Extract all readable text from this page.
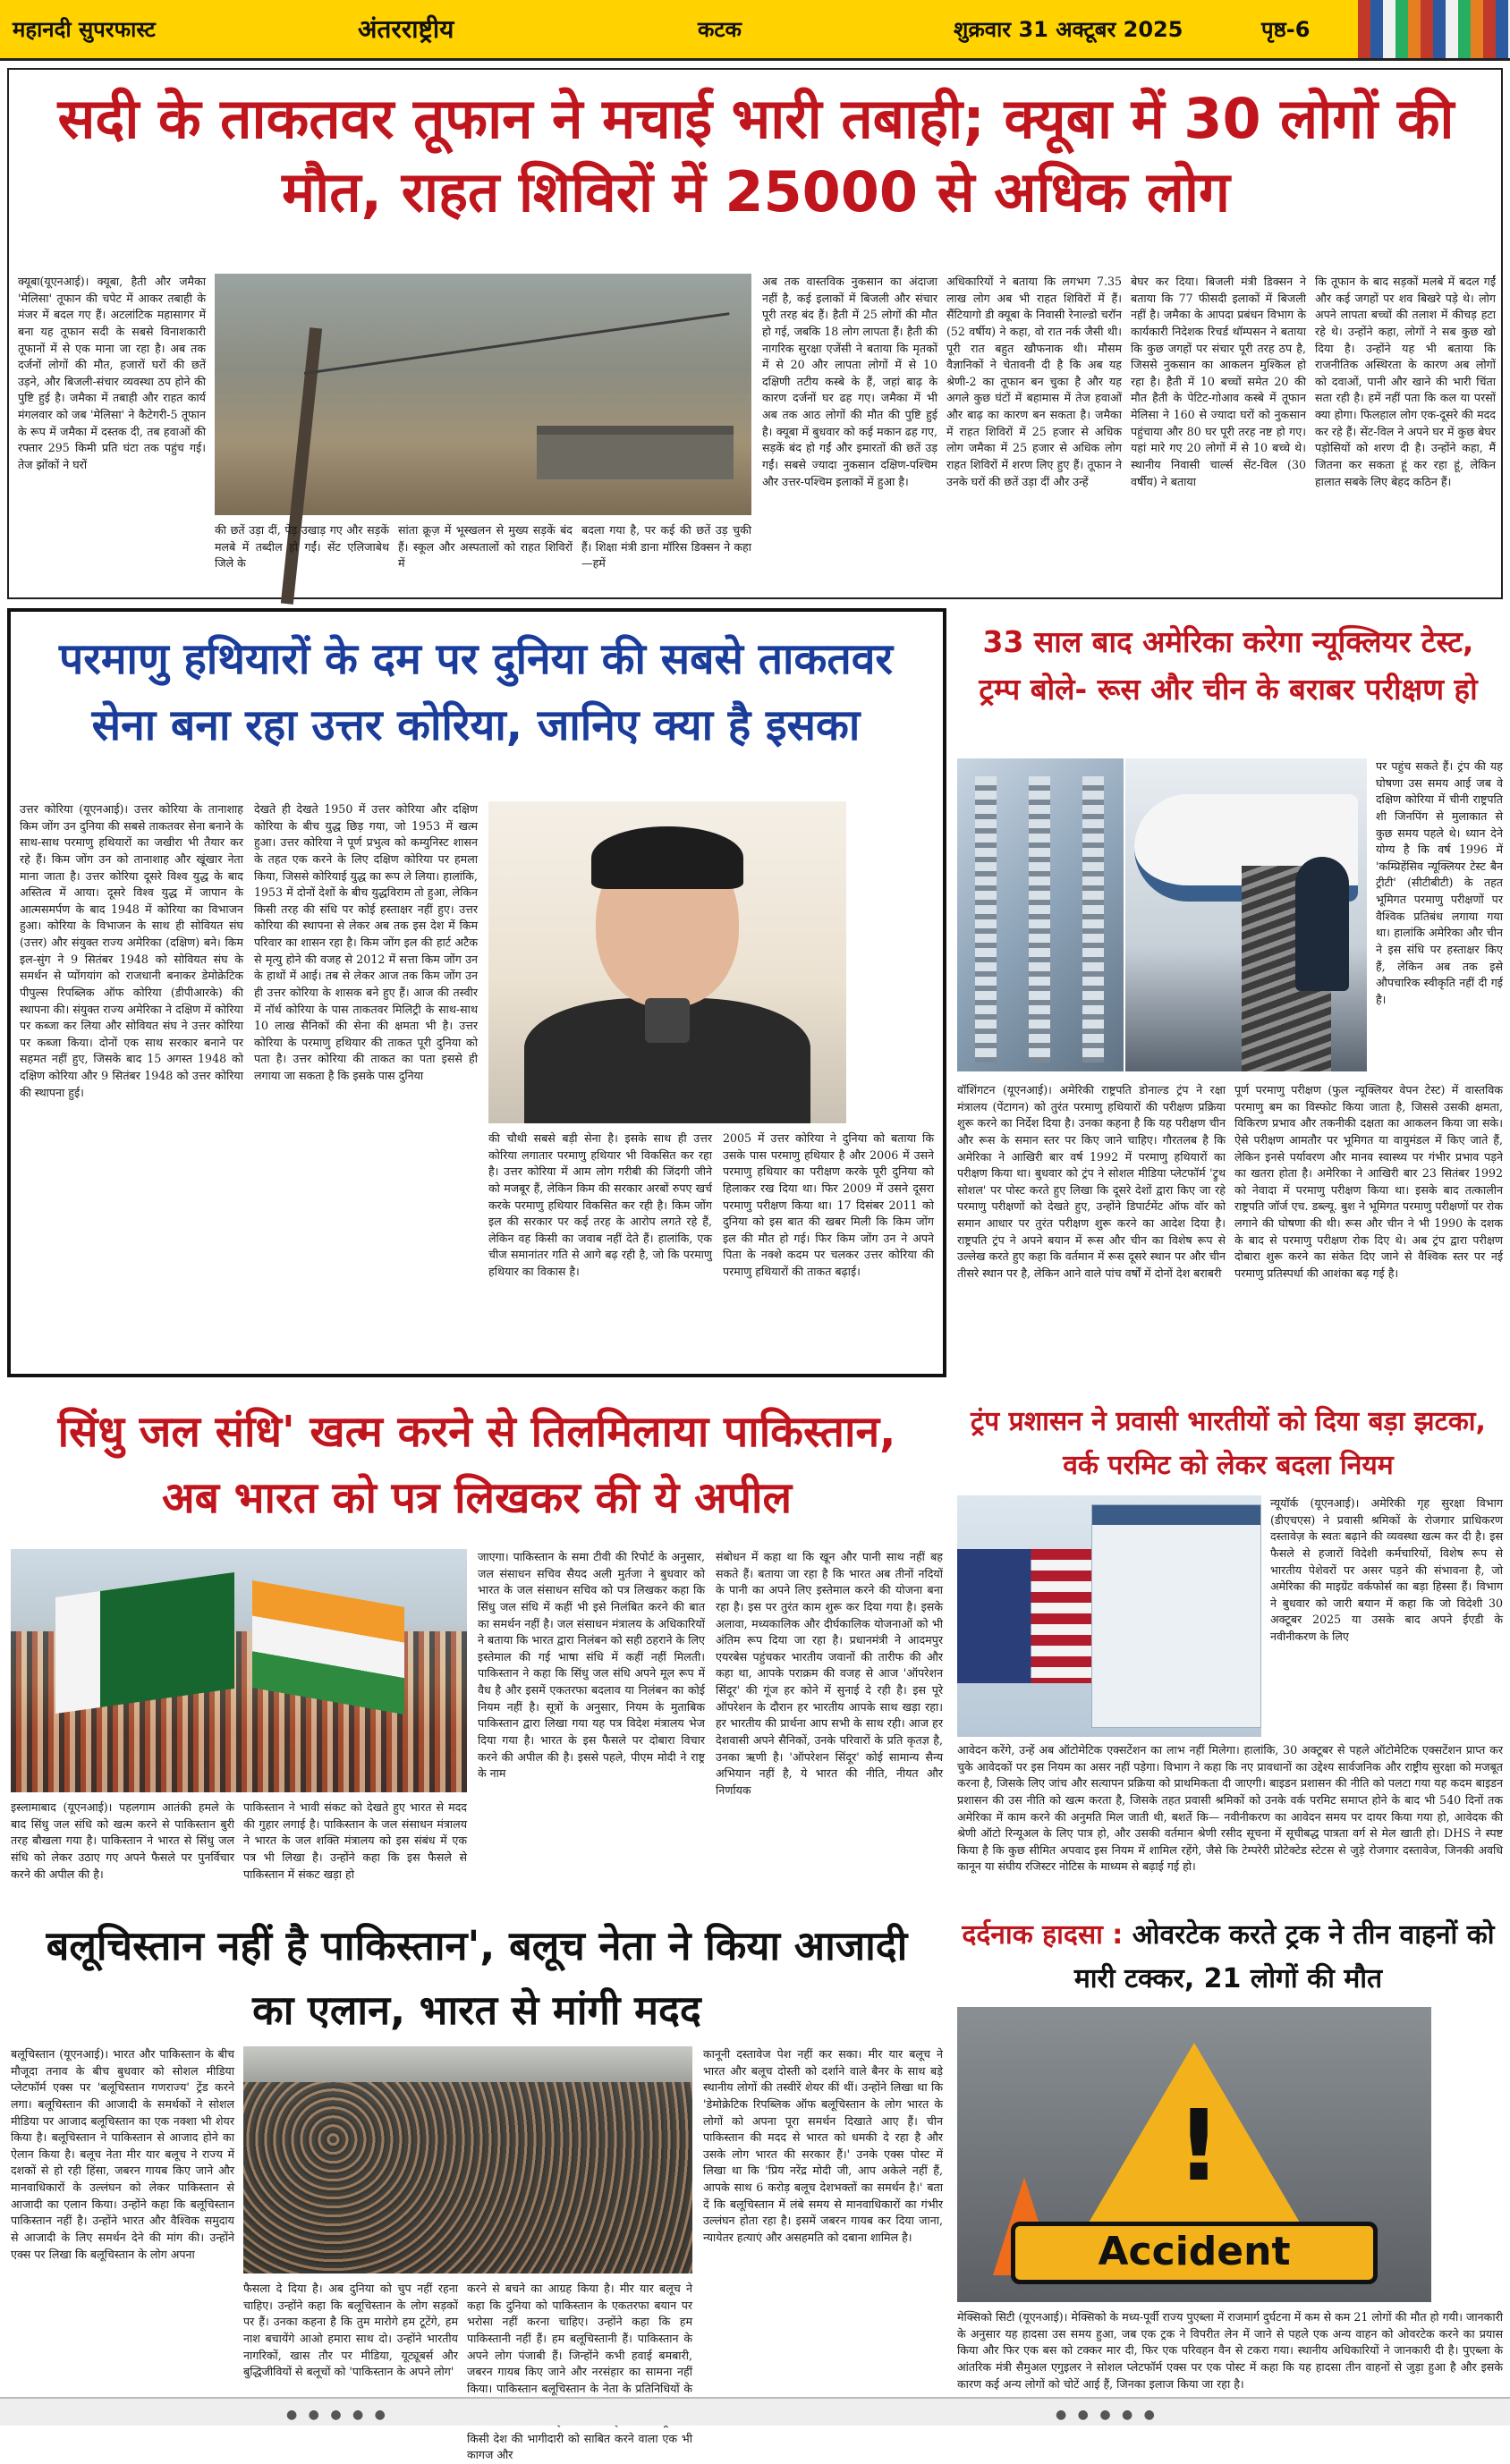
महानदी सुपरफास्ट	अंतरराष्ट्रीय	कटक	शुक्रवार 31 अक्टूबर 2025	पृष्ठ-6
सदी के ताकतवर तूफान ने मचाई भारी तबाही; क्यूबा में 30 लोगों की
मौत, राहत शिविरों में 25000 से अधिक लोग
क्यूबा(यूएनआई)। क्यूबा, हैती और जमैका 'मेलिसा' तूफान की चपेट में आकर तबाही के मंजर में बदल गए हैं। अटलांटिक महासागर में बना यह तूफान सदी के सबसे विनाशकारी तूफानों में से एक माना जा रहा है। अब तक दर्जनों लोगों की मौत, हजारों घरों की छतें उड़ने, और बिजली-संचार व्यवस्था ठप होने की पुष्टि हुई है। जमैका में तबाही और राहत कार्य मंगलवार को जब 'मेलिसा' ने कैटेगरी-5 तूफान के रूप में जमैका में दस्तक दी, तब हवाओं की रफ्तार 295 किमी प्रति घंटा तक पहुंच गई। तेज झोंकों ने घरों
की छतें उड़ा दीं, पेड़ उखाड़ गए और सड़कें मलबे में तब्दील हो गईं। सेंट एलिजाबेथ जिले के
सांता क्रूज़ में भूस्खलन से मुख्य सड़कें बंद हैं। स्कूल और अस्पतालों को राहत शिविरों में
बदला गया है, पर कई की छतें उड़ चुकी हैं। शिक्षा मंत्री डाना मॉरिस डिक्सन ने कहा—हमें
अब तक वास्तविक नुकसान का अंदाजा नहीं है, कई इलाकों में बिजली और संचार पूरी तरह बंद हैं। हैती में 25 लोगों की मौत हो गई, जबकि 18 लोग लापता हैं। हैती की नागरिक सुरक्षा एजेंसी ने बताया कि मृतकों में से 20 और लापता लोगों में से 10 दक्षिणी तटीय कस्बे के हैं, जहां बाढ़ के कारण दर्जनों घर ढह गए। जमैका में भी अब तक आठ लोगों की मौत की पुष्टि हुई है। क्यूबा में बुधवार को कई मकान ढह गए, सड़कें बंद हो गईं और इमारतों की छतें उड़ गईं। सबसे ज्यादा नुकसान दक्षिण-पश्चिम और उत्तर-पश्चिम इलाकों में हुआ है।
अधिकारियों ने बताया कि लगभग 7.35 लाख लोग अब भी राहत शिविरों में हैं। सैंटियागो डी क्यूबा के निवासी रेनाल्डो चरॉन (52 वर्षीय) ने कहा, वो रात नर्क जैसी थी। पूरी रात बहुत खौफनाक थी। मौसम वैज्ञानिकों ने चेतावनी दी है कि अब यह श्रेणी-2 का तूफान बन चुका है और यह अगले कुछ घंटों में बहामास में तेज हवाओं और बाढ़ का कारण बन सकता है। जमैका में राहत शिविरों में 25 हजार से अधिक लोग जमैका में 25 हजार से अधिक लोग राहत शिविरों में शरण लिए हुए हैं। तूफान ने उनके घरों की छतें उड़ा दीं और उन्हें
बेघर कर दिया। बिजली मंत्री डिक्सन ने बताया कि 77 फीसदी इलाकों में बिजली नहीं है। जमैका के आपदा प्रबंधन विभाग के कार्यकारी निदेशक रिचर्ड थॉम्पसन ने बताया कि कुछ जगहों पर संचार पूरी तरह ठप है, जिससे नुकसान का आकलन मुश्किल हो रहा है। हैती में 10 बच्चों समेत 20 की मौत हैती के पेटिट-गोआव कस्बे में तूफान मेलिसा ने 160 से ज्यादा घरों को नुकसान पहुंचाया और 80 घर पूरी तरह नष्ट हो गए। यहां मारे गए 20 लोगों में से 10 बच्चे थे। स्थानीय निवासी चार्ल्स सेंट-विल (30 वर्षीय) ने बताया
कि तूफान के बाद सड़कों मलबे में बदल गईं और कई जगहों पर शव बिखरे पड़े थे। लोग अपने लापता बच्चों की तलाश में कीचड़ हटा रहे थे। उन्होंने कहा, लोगों ने सब कुछ खो दिया है। उन्होंने यह भी बताया कि राजनीतिक अस्थिरता के कारण अब लोगों को दवाओं, पानी और खाने की भारी चिंता सता रही है। हमें नहीं पता कि कल या परसों क्या होगा। फिलहाल लोग एक-दूसरे की मदद कर रहे हैं। सेंट-विल ने अपने घर में कुछ बेघर पड़ोसियों को शरण दी है। उन्होंने कहा, मैं जितना कर सकता हूं कर रहा हूं, लेकिन हालात सबके लिए बेहद कठिन हैं।
परमाणु हथियारों के दम पर दुनिया की सबसे ताकतवर
सेना बना रहा उत्तर कोरिया, जानिए क्या है इसका
उत्तर कोरिया (यूएनआई)। उत्तर कोरिया के तानाशाह किम जोंग उन दुनिया की सबसे ताकतवर सेना बनाने के साथ-साथ परमाणु हथियारों का जखीरा भी तैयार कर रहे हैं। किम जोंग उन को तानाशाह और खूंखार नेता माना जाता है। उत्तर कोरिया दूसरे विश्व युद्ध के बाद अस्तित्व में आया। दूसरे विश्व युद्ध में जापान के आत्मसमर्पण के बाद 1948 में कोरिया का विभाजन हुआ। कोरिया के विभाजन के साथ ही सोवियत संघ (उत्तर) और संयुक्त राज्य अमेरिका (दक्षिण) बने। किम इल-सुंग ने 9 सितंबर 1948 को सोवियत संघ के समर्थन से प्योंगयांग को राजधानी बनाकर डेमोक्रेटिक पीपुल्स रिपब्लिक ऑफ कोरिया (डीपीआरके) की स्थापना की। संयुक्त राज्य अमेरिका ने दक्षिण में कोरिया पर कब्जा कर लिया और सोवियत संघ ने उत्तर कोरिया पर कब्जा किया। दोनों एक साथ सरकार बनाने पर सहमत नहीं हुए, जिसके बाद 15 अगस्त 1948 को दक्षिण कोरिया और 9 सितंबर 1948 को उत्तर कोरिया की स्थापना हुई।
देखते ही देखते 1950 में उत्तर कोरिया और दक्षिण कोरिया के बीच युद्ध छिड़ गया, जो 1953 में खत्म हुआ। उत्तर कोरिया ने पूर्ण प्रभुत्व को कम्युनिस्ट शासन के तहत एक करने के लिए दक्षिण कोरिया पर हमला किया, जिससे कोरियाई युद्ध का रूप ले लिया। हालांकि, 1953 में दोनों देशों के बीच युद्धविराम तो हुआ, लेकिन किसी तरह की संधि पर कोई हस्ताक्षर नहीं हुए। उत्तर कोरिया की स्थापना से लेकर अब तक इस देश में किम परिवार का शासन रहा है। किम जोंग इल की हार्ट अटैक से मृत्यु होने की वजह से 2012 में सत्ता किम जोंग उन के हाथों में आई। तब से लेकर आज तक किम जोंग उन ही उत्तर कोरिया के शासक बने हुए हैं। आज की तस्वीर में नॉर्थ कोरिया के पास ताकतवर मिलिट्री के साथ-साथ 10 लाख सैनिकों की सेना की क्षमता भी है। उत्तर कोरिया के परमाणु हथियार की ताकत पूरी दुनिया को पता है। उत्तर कोरिया की ताकत का पता इससे ही लगाया जा सकता है कि इसके पास दुनिया
की चौथी सबसे बड़ी सेना है। इसके साथ ही उत्तर कोरिया लगातार परमाणु हथियार भी विकसित कर रहा है। उत्तर कोरिया में आम लोग गरीबी की जिंदगी जीने को मजबूर हैं, लेकिन किम की सरकार अरबों रुपए खर्च करके परमाणु हथियार विकसित कर रही है। किम जोंग इल की सरकार पर कई तरह के आरोप लगते रहे हैं, लेकिन वह किसी का जवाब नहीं देते हैं। हालांकि, एक चीज समानांतर गति से आगे बढ़ रही है, जो कि परमाणु हथियार का विकास है।
2005 में उत्तर कोरिया ने दुनिया को बताया कि उसके पास परमाणु हथियार है और 2006 में उसने परमाणु हथियार का परीक्षण करके पूरी दुनिया को हिलाकर रख दिया था। फिर 2009 में उसने दूसरा परमाणु परीक्षण किया था। 17 दिसंबर 2011 को दुनिया को इस बात की खबर मिली कि किम जोंग इल की मौत हो गई। फिर किम जोंग उन ने अपने पिता के नक्शे कदम पर चलकर उत्तर कोरिया की परमाणु हथियारों की ताकत बढ़ाई।
33 साल बाद अमेरिका करेगा न्यूक्लियर टेस्ट,
ट्रम्प बोले- रूस और चीन के बराबर परीक्षण हो
पर पहुंच सकते हैं। ट्रंप की यह घोषणा उस समय आई जब वे दक्षिण कोरिया में चीनी राष्ट्रपति शी जिनपिंग से मुलाकात से कुछ समय पहले थे। ध्यान देने योग्य है कि वर्ष 1996 में 'कम्प्रिहेंसिव न्यूक्लियर टेस्ट बैन ट्रीटी' (सीटीबीटी) के तहत भूमिगत परमाणु परीक्षणों पर वैश्विक प्रतिबंध लगाया गया था। हालांकि अमेरिका और चीन ने इस संधि पर हस्ताक्षर किए हैं, लेकिन अब तक इसे औपचारिक स्वीकृति नहीं दी गई है।
वॉशिंगटन (यूएनआई)। अमेरिकी राष्ट्रपति डोनाल्ड ट्रंप ने रक्षा मंत्रालय (पेंटागन) को तुरंत परमाणु हथियारों की परीक्षण प्रक्रिया शुरू करने का निर्देश दिया है। उनका कहना है कि यह परीक्षण चीन और रूस के समान स्तर पर किए जाने चाहिए। गौरतलब है कि अमेरिका ने आखिरी बार वर्ष 1992 में परमाणु हथियारों का परीक्षण किया था। बुधवार को ट्रंप ने सोशल मीडिया प्लेटफॉर्म 'ट्रुथ सोशल' पर पोस्ट करते हुए लिखा कि दूसरे देशों द्वारा किए जा रहे परमाणु परीक्षणों को देखते हुए, उन्होंने डिपार्टमेंट ऑफ वॉर को समान आधार पर तुरंत परीक्षण शुरू करने का आदेश दिया है। राष्ट्रपति ट्रंप ने अपने बयान में रूस और चीन का विशेष रूप से उल्लेख करते हुए कहा कि वर्तमान में रूस दूसरे स्थान पर और चीन तीसरे स्थान पर है, लेकिन आने वाले पांच वर्षों में दोनों देश बराबरी
पूर्ण परमाणु परीक्षण (फुल न्यूक्लियर वेपन टेस्ट) में वास्तविक परमाणु बम का विस्फोट किया जाता है, जिससे उसकी क्षमता, विकिरण प्रभाव और तकनीकी दक्षता का आकलन किया जा सके। ऐसे परीक्षण आमतौर पर भूमिगत या वायुमंडल में किए जाते हैं, लेकिन इनसे पर्यावरण और मानव स्वास्थ्य पर गंभीर प्रभाव पड़ने का खतरा होता है। अमेरिका ने आखिरी बार 23 सितंबर 1992 को नेवादा में परमाणु परीक्षण किया था। इसके बाद तत्कालीन राष्ट्रपति जॉर्ज एच. डब्ल्यू. बुश ने भूमिगत परमाणु परीक्षणों पर रोक लगाने की घोषणा की थी। रूस और चीन ने भी 1990 के दशक के बाद से परमाणु परीक्षण रोक दिए थे। अब ट्रंप द्वारा परीक्षण दोबारा शुरू करने का संकेत दिए जाने से वैश्विक स्तर पर नई परमाणु प्रतिस्पर्धा की आशंका बढ़ गई है।
सिंधु जल संधि' खत्म करने से तिलमिलाया पाकिस्तान,
अब भारत को पत्र लिखकर की ये अपील
इस्लामाबाद (यूएनआई)। पहलगाम आतंकी हमले के बाद सिंधु जल संधि को खत्म करने से पाकिस्तान बुरी तरह बौखला गया है। पाकिस्तान ने भारत से सिंधु जल संधि को लेकर उठाए गए अपने फैसले पर पुनर्विचार करने की अपील की है।
पाकिस्तान ने भावी संकट को देखते हुए भारत से मदद की गुहार लगाई है। पाकिस्तान के जल संसाधन मंत्रालय ने भारत के जल शक्ति मंत्रालय को इस संबंध में एक पत्र भी लिखा है। उन्होंने कहा कि इस फैसले से पाकिस्तान में संकट खड़ा हो
जाएगा। पाकिस्तान के समा टीवी की रिपोर्ट के अनुसार, जल संसाधन सचिव सैयद अली मुर्तजा ने बुधवार को भारत के जल संसाधन सचिव को पत्र लिखकर कहा कि सिंधु जल संधि में कहीं भी इसे निलंबित करने की बात का समर्थन नहीं है। जल संसाधन मंत्रालय के अधिकारियों ने बताया कि भारत द्वारा निलंबन को सही ठहराने के लिए इस्तेमाल की गई भाषा संधि में कहीं नहीं मिलती। पाकिस्तान ने कहा कि सिंधु जल संधि अपने मूल रूप में वैध है और इसमें एकतरफा बदलाव या निलंबन का कोई नियम नहीं है। सूत्रों के अनुसार, नियम के मुताबिक पाकिस्तान द्वारा लिखा गया यह पत्र विदेश मंत्रालय भेज दिया गया है। भारत के इस फैसले पर दोबारा विचार करने की अपील की है। इससे पहले, पीएम मोदी ने राष्ट्र के नाम
संबोधन में कहा था कि खून और पानी साथ नहीं बह सकते हैं। बताया जा रहा है कि भारत अब तीनों नदियों के पानी का अपने लिए इस्तेमाल करने की योजना बना रहा है। इस पर तुरंत काम शुरू कर दिया गया है। इसके अलावा, मध्यकालिक और दीर्घकालिक योजनाओं को भी अंतिम रूप दिया जा रहा है। प्रधानमंत्री ने आदमपुर एयरबेस पहुंचकर भारतीय जवानों की तारीफ की और कहा था, आपके पराक्रम की वजह से आज 'ऑपरेशन सिंदूर' की गूंज हर कोने में सुनाई दे रही है। इस पूरे ऑपरेशन के दौरान हर भारतीय आपके साथ खड़ा रहा। हर भारतीय की प्रार्थना आप सभी के साथ रही। आज हर देशवासी अपने सैनिकों, उनके परिवारों के प्रति कृतज्ञ है, उनका ऋणी है। 'ऑपरेशन सिंदूर' कोई सामान्य सैन्य अभियान नहीं है, ये भारत की नीति, नीयत और निर्णायक
ट्रंप प्रशासन ने प्रवासी भारतीयों को दिया बड़ा झटका,
वर्क परमिट को लेकर बदला नियम
न्यूयॉर्क (यूएनआई)। अमेरिकी गृह सुरक्षा विभाग (डीएचएस) ने प्रवासी श्रमिकों के रोजगार प्राधिकरण दस्तावेज़ के स्वतः बढ़ाने की व्यवस्था खत्म कर दी है। इस फैसले से हजारों विदेशी कर्मचारियों, विशेष रूप से भारतीय पेशेवरों पर असर पड़ने की संभावना है, जो अमेरिका की माइग्रेंट वर्कफोर्स का बड़ा हिस्सा हैं। विभाग ने बुधवार को जारी बयान में कहा कि जो विदेशी 30 अक्टूबर 2025 या उसके बाद अपने ईएडी के नवीनीकरण के लिए
आवेदन करेंगे, उन्हें अब ऑटोमेटिक एक्सटेंशन का लाभ नहीं मिलेगा। हालांकि, 30 अक्टूबर से पहले ऑटोमेटिक एक्सटेंशन प्राप्त कर चुके आवेदकों पर इस नियम का असर नहीं पड़ेगा। विभाग ने कहा कि नए प्रावधानों का उद्देश्य सार्वजनिक और राष्ट्रीय सुरक्षा को मजबूत करना है, जिसके लिए जांच और सत्यापन प्रक्रिया को प्राथमिकता दी जाएगी। बाइडन प्रशासन की नीति को पलटा गया यह कदम बाइडन प्रशासन की उस नीति को खत्म करता है, जिसके तहत प्रवासी श्रमिकों को उनके वर्क परमिट समाप्त होने के बाद भी 540 दिनों तक अमेरिका में काम करने की अनुमति मिल जाती थी, बशर्ते कि— नवीनीकरण का आवेदन समय पर दायर किया गया हो, आवेदक की श्रेणी ऑटो रिन्यूअल के लिए पात्र हो, और उसकी वर्तमान श्रेणी रसीद सूचना में सूचीबद्ध पात्रता वर्ग से मेल खाती हो। DHS ने स्पष्ट किया है कि कुछ सीमित अपवाद इस नियम में शामिल रहेंगे, जैसे कि टेम्परेरी प्रोटेक्टेड स्टेटस से जुड़े रोजगार दस्तावेज, जिनकी अवधि कानून या संघीय रजिस्टर नोटिस के माध्यम से बढ़ाई गई हो।
बलूचिस्तान नहीं है पाकिस्तान', बलूच नेता ने किया आजादी
का एलान, भारत से मांगी मदद
बलूचिस्तान (यूएनआई)। भारत और पाकिस्तान के बीच मौजूदा तनाव के बीच बुधवार को सोशल मीडिया प्लेटफॉर्म एक्स पर 'बलूचिस्तान गणराज्य' ट्रेंड करने लगा। बलूचिस्तान की आजादी के समर्थकों ने सोशल मीडिया पर आजाद बलूचिस्तान का एक नक्शा भी शेयर किया है। बलूचिस्तान ने पाकिस्तान से आजाद होने का ऐलान किया है। बलूच नेता मीर यार बलूच ने राज्य में दशकों से हो रही हिंसा, जबरन गायब किए जाने और मानवाधिकारों के उल्लंघन को लेकर पाकिस्तान से आजादी का एलान किया। उन्होंने कहा कि बलूचिस्तान पाकिस्तान नहीं है। उन्होंने भारत और वैश्विक समुदाय से आजादी के लिए समर्थन देने की मांग की। उन्होंने एक्स पर लिखा कि बलूचिस्तान के लोग अपना
फैसला दे दिया है। अब दुनिया को चुप नहीं रहना चाहिए। उन्होंने कहा कि बलूचिस्तान के लोग सड़कों पर हैं। उनका कहना है कि तुम मारोगे हम टूटेंगे, हम नाश बचायेंगे आओ हमारा साथ दो। उन्होंने भारतीय नागरिकों, खास तौर पर मीडिया, यूट्यूबर्स और बुद्धिजीवियों से बलूचों को 'पाकिस्तान के अपने लोग'
करने से बचने का आग्रह किया है। मीर यार बलूच ने कहा कि दुनिया को पाकिस्तान के एकतरफा बयान पर भरोसा नहीं करना चाहिए। उन्होंने कहा कि हम पाकिस्तानी नहीं हैं। हम बलूचिस्तानी हैं। पाकिस्तान के अपने लोग पंजाबी हैं। जिन्होंने कभी हवाई बमबारी, जबरन गायब किए जाने और नरसंहार का सामना नहीं किया। पाकिस्तान बलूचिस्तान के नेता के प्रतिनिधियों के किसी देश की भागीदारी को साबित करने वाला एक भी कागज और
कानूनी दस्तावेज पेश नहीं कर सका। मीर यार बलूच ने भारत और बलूच दोस्ती को दर्शाने वाले बैनर के साथ बड़े स्थानीय लोगों की तस्वीरें शेयर कीं थीं। उन्होंने लिखा था कि 'डेमोक्रेटिक रिपब्लिक ऑफ बलूचिस्तान के लोग भारत के लोगों को अपना पूरा समर्थन दिखाते आए हैं। चीन पाकिस्तान की मदद से भारत को धमकी दे रहा है और उसके लोग भारत की सरकार हैं।' उनके एक्स पोस्ट में लिखा था कि 'प्रिय नरेंद्र मोदी जी, आप अकेले नहीं हैं, आपके साथ 6 करोड़ बलूच देशभक्तों का समर्थन है।' बता दें कि बलूचिस्तान में लंबे समय से मानवाधिकारों का गंभीर उल्लंघन होता रहा है। इसमें जबरन गायब कर दिया जाना, न्यायेतर हत्याएं और असहमति को दबाना शामिल है।
दर्दनाक हादसा : ओवरटेक करते ट्रक ने तीन वाहनों को
मारी टक्कर, 21 लोगों की मौत
!
Accident
मेक्सिको सिटी (यूएनआई)। मेक्सिको के मध्य-पूर्वी राज्य पुएब्ला में राजमार्ग दुर्घटना में कम से कम 21 लोगों की मौत हो गयी। जानकारी के अनुसार यह हादसा उस समय हुआ, जब एक ट्रक ने विपरीत लेन में जाने से पहले एक अन्य वाहन को ओवरटेक करने का प्रयास किया और फिर एक बस को टक्कर मार दी, फिर एक परिवहन वैन से टकरा गया। स्थानीय अधिकारियों ने जानकारी दी है। पुएब्ला के आंतरिक मंत्री सैमुअल एगुइलर ने सोशल प्लेटफॉर्म एक्स पर एक पोस्ट में कहा कि यह हादसा तीन वाहनों से जुड़ा हुआ है और इसके कारण कई अन्य लोगों को चोटें आई हैं, जिनका इलाज किया जा रहा है।
● ● ● ● ●	● ● ● ● ●
